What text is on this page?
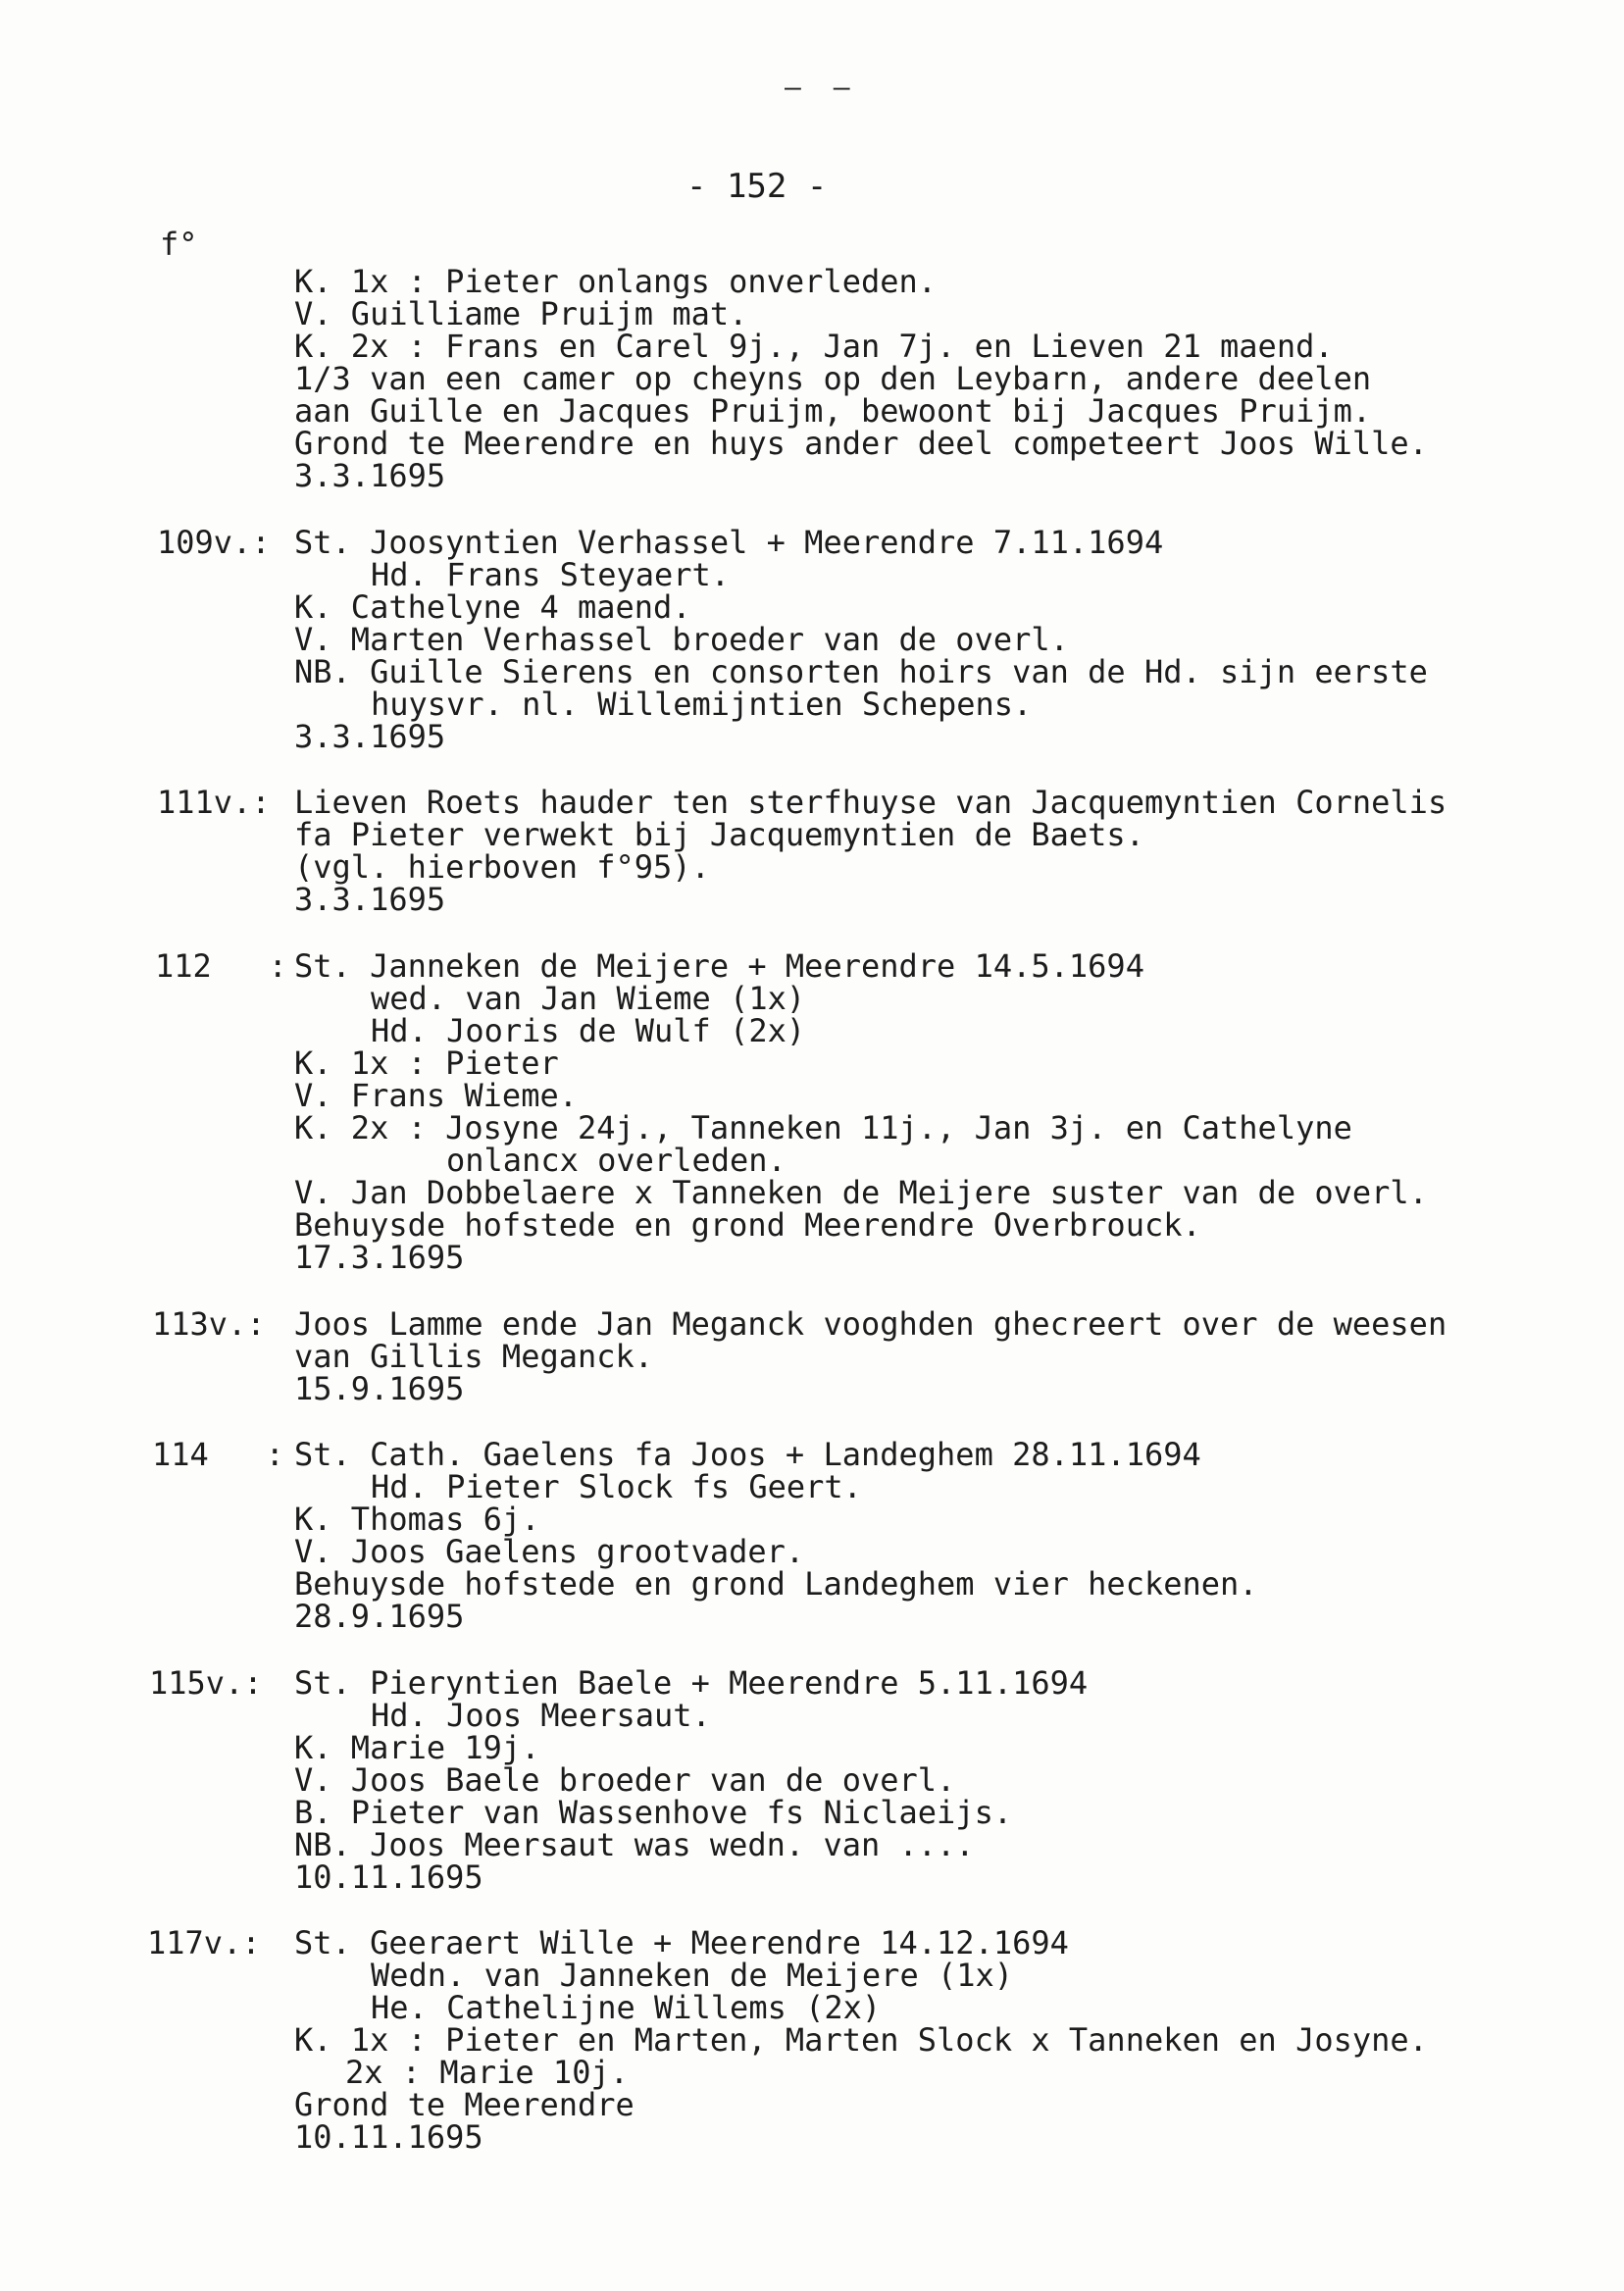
– –
- 152 -
f°
K. 1x : Pieter onlangs onverleden.
V. Guilliame Pruijm mat.
K. 2x : Frans en Carel 9j., Jan 7j. en Lieven 21 maend.
1/3 van een camer op cheyns op den Leybarn, andere deelen
aan Guille en Jacques Pruijm, bewoont bij Jacques Pruijm.
Grond te Meerendre en huys ander deel competeert Joos Wille.
3.3.1695
109v.: St. Joosyntien Verhassel + Meerendre 7.11.1694
Hd. Frans Steyaert.
K. Cathelyne 4 maend.
V. Marten Verhassel broeder van de overl.
NB. Guille Sierens en consorten hoirs van de Hd. sijn eerste
huysvr. nl. Willemijntien Schepens.
3.3.1695
111v.: Lieven Roets hauder ten sterfhuyse van Jacquemyntien Cornelis
fa Pieter verwekt bij Jacquemyntien de Baets.
(vgl. hierboven f°95).
3.3.1695
112   : St. Janneken de Meijere + Meerendre 14.5.1694
wed. van Jan Wieme (1x)
Hd. Jooris de Wulf (2x)
K. 1x : Pieter
V. Frans Wieme.
K. 2x : Josyne 24j., Tanneken 11j., Jan 3j. en Cathelyne
onlancx overleden.
V. Jan Dobbelaere x Tanneken de Meijere suster van de overl.
Behuysde hofstede en grond Meerendre Overbrouck.
17.3.1695
113v.: Joos Lamme ende Jan Meganck vooghden ghecreert over de weesen
van Gillis Meganck.
15.9.1695
114   : St. Cath. Gaelens fa Joos + Landeghem 28.11.1694
Hd. Pieter Slock fs Geert.
K. Thomas 6j.
V. Joos Gaelens grootvader.
Behuysde hofstede en grond Landeghem vier heckenen.
28.9.1695
115v.: St. Pieryntien Baele + Meerendre 5.11.1694
Hd. Joos Meersaut.
K. Marie 19j.
V. Joos Baele broeder van de overl.
B. Pieter van Wassenhove fs Niclaeijs.
NB. Joos Meersaut was wedn. van ....
10.11.1695
117v.: St. Geeraert Wille + Meerendre 14.12.1694
Wedn. van Janneken de Meijere (1x)
He. Cathelijne Willems (2x)
K. 1x : Pieter en Marten, Marten Slock x Tanneken en Josyne.
2x : Marie 10j.
Grond te Meerendre
10.11.1695
